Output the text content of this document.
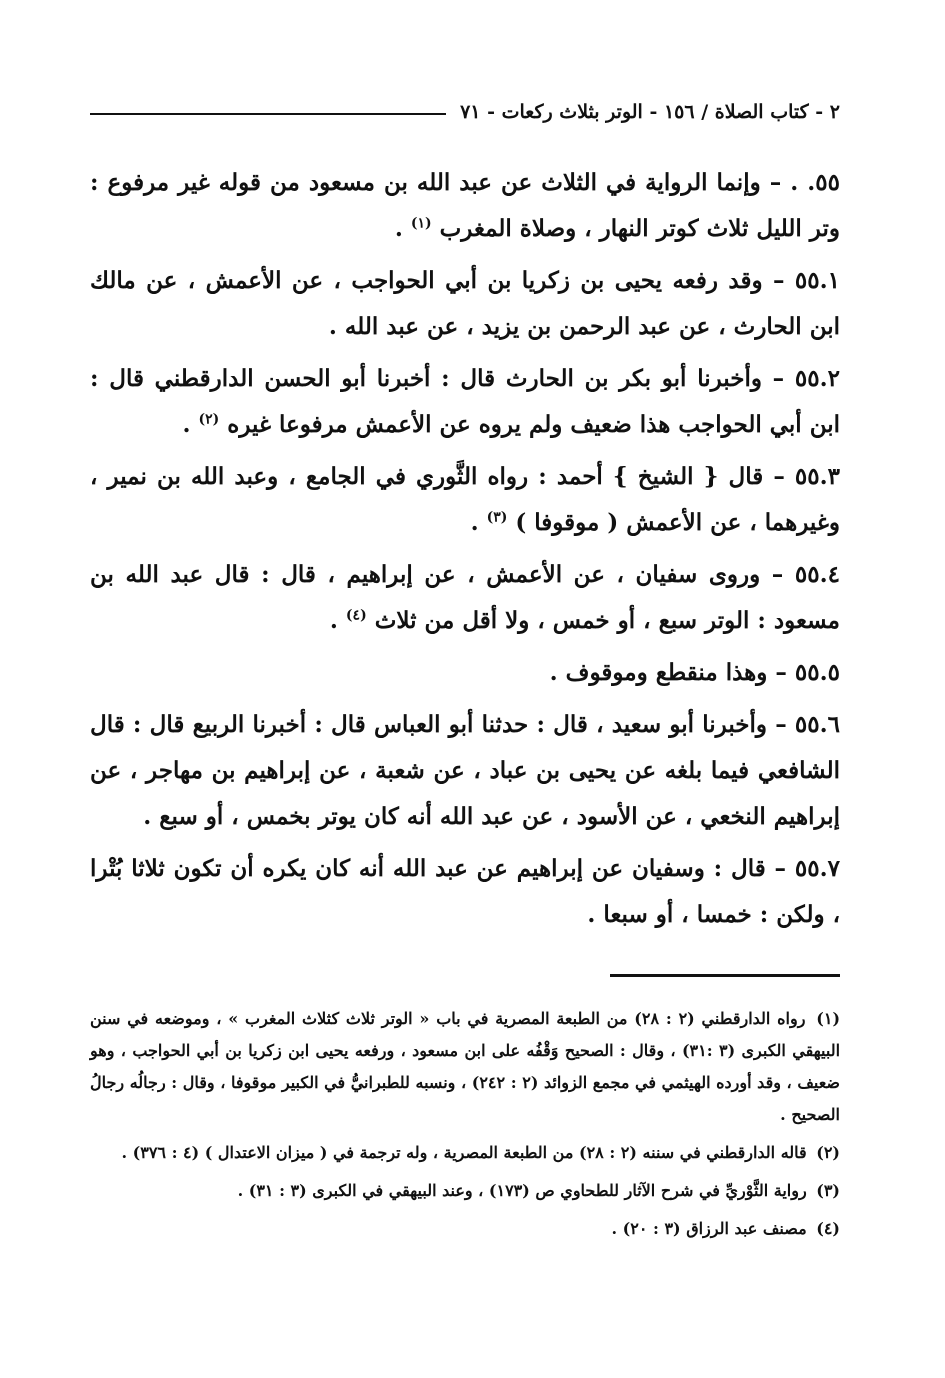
٢ - كتاب الصلاة / ١٥٦ - الوتر بثلاث ركعات - ٧١

٥٥. . – وإنما الرواية في الثلاث عن عبد الله بن مسعود من قوله غير مرفوع : وتر الليل ثلاث كوتر النهار ، وصلاة المغرب $^{(١)}$ .

٥٥.١ – وقد رفعه يحيى بن زكريا بن أبي الحواجب ، عن الأعمش ، عن مالك ابن الحارث ، عن عبد الرحمن بن يزيد ، عن عبد الله .

٥٥.٢ – وأخبرنا أبو بكر بن الحارث قال : أخبرنا أبو الحسن الدارقطني قال : ابن أبي الحواجب هذا ضعيف ولم يروه عن الأعمش مرفوعا غيره $^{(٢)}$ .

٥٥.٣ – قال { الشيخ } أحمد : رواه الثَّوري في الجامع ، وعبد الله بن نمير ، وغيرهما ، عن الأعمش ( موقوفا ) $^{(٣)}$ .

٥٥.٤ – وروى سفيان ، عن الأعمش ، عن إبراهيم ، قال : قال عبد الله بن مسعود : الوتر سبع ، أو خمس ، ولا أقل من ثلاث $^{(٤)}$ .

٥٥.٥ – وهذا منقطع وموقوف .

٥٥.٦ – وأخبرنا أبو سعيد ، قال : حدثنا أبو العباس قال : أخبرنا الربيع قال : قال الشافعي فيما بلغه عن يحيى بن عباد ، عن شعبة ، عن إبراهيم بن مهاجر ، عن إبراهيم النخعي ، عن الأسود ، عن عبد الله أنه كان يوتر بخمس ، أو سبع .

٥٥.٧ – قال : وسفيان عن إبراهيم عن عبد الله أنه كان يكره أن تكون ثلاثا بُتْرا ، ولكن : خمسا ، أو سبعا .

(١) رواه الدارقطني (٢ : ٢٨) من الطبعة المصرية في باب « الوتر ثلاث كثلاث المغرب » ، وموضعه في سنن البيهقي الكبرى (٣ :٣١) ، وقال : الصحيح وَقْفُه على ابن مسعود ، ورفعه يحيى ابن زكريا بن أبي الحواجب ، وهو ضعيف ، وقد أورده الهيثمي في مجمع الزوائد (٢ : ٢٤٢) ، ونسبه للطبرانيُّ في الكبير موقوفا ، وقال : رجالُه رجالُ الصحيح .

(٢) قاله الدارقطني في سننه (٢ : ٢٨) من الطبعة المصرية ، وله ترجمة في ( ميزان الاعتدال ) (٤ : ٣٧٦) .

(٣) رواية الثَّوْريِّ في شرح الآثار للطحاوي ص (١٧٣) ، وعند البيهقي في الكبرى (٣ : ٣١) .

(٤) مصنف عبد الرزاق (٣ : ٢٠) .
